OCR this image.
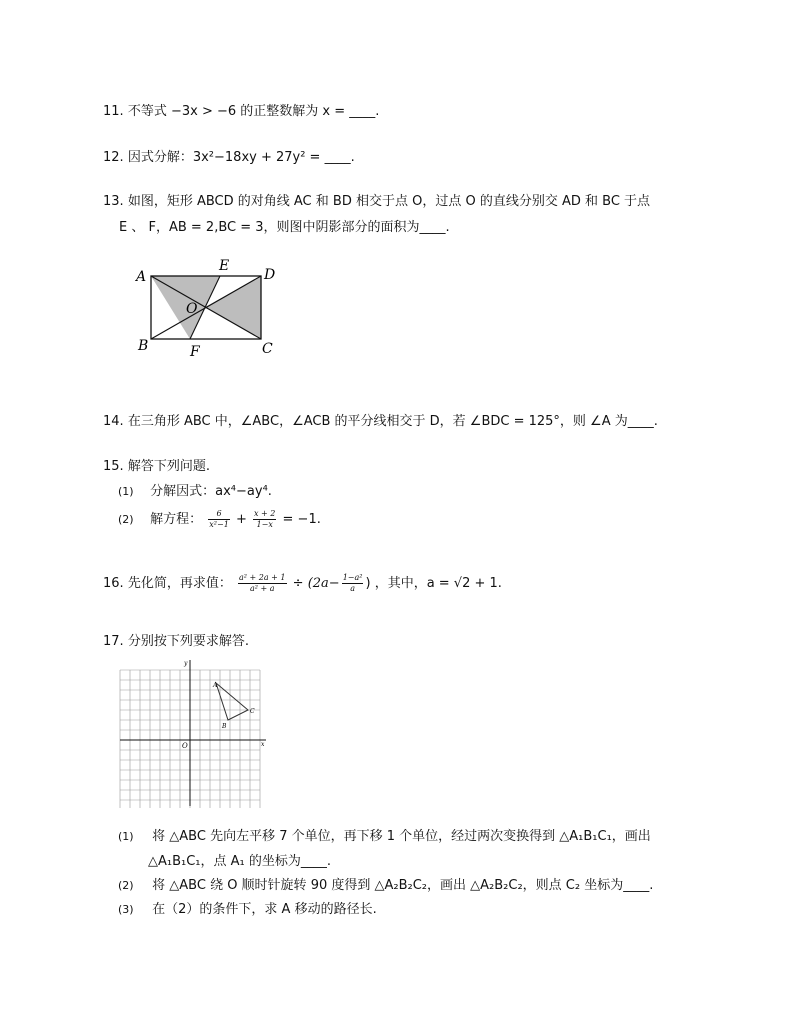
11. 不等式 −3x > −6 的正整数解为 x = ____.
12. 因式分解：3x²−18xy + 27y² = ____.
13. 如图，矩形 ABCD 的对角线 AC 和 BD 相交于点 O，过点 O 的直线分别交 AD 和 BC 于点
E 、 F，AB = 2,BC = 3，则图中阴影部分的面积为____.
A	D
E
O
B	F	C
14. 在三角形 ABC 中，∠ABC，∠ACB 的平分线相交于 D，若 ∠BDC = 125°，则 ∠A 为____.
15. 解答下列问题.
(1) 分解因式：ax⁴−ay⁴.
(2) 解方程： $\frac{6}{\text{x²−1}} + \frac{x + 2}{1-x} = -1$.
16. 先化简，再求值： $\frac{\text{a² + 2a + 1}}{\text{a² + a}} \div (2a- \frac{\text{1−a²}}{a}$ ) ，其中，a = √2 + 1.
17. 分别按下列要求解答.
y
x
O
A
B
C
(1) 将 △ABC 先向左平移 7 个单位，再下移 1 个单位，经过两次变换得到 △A₁B₁C₁，画出
△A₁B₁C₁，点 A₁ 的坐标为____.
(2) 将 △ABC 绕 O 顺时针旋转 90 度得到 △A₂B₂C₂，画出 △A₂B₂C₂，则点 C₂ 坐标为____.
(3) 在（2）的条件下，求 A 移动的路径长.
